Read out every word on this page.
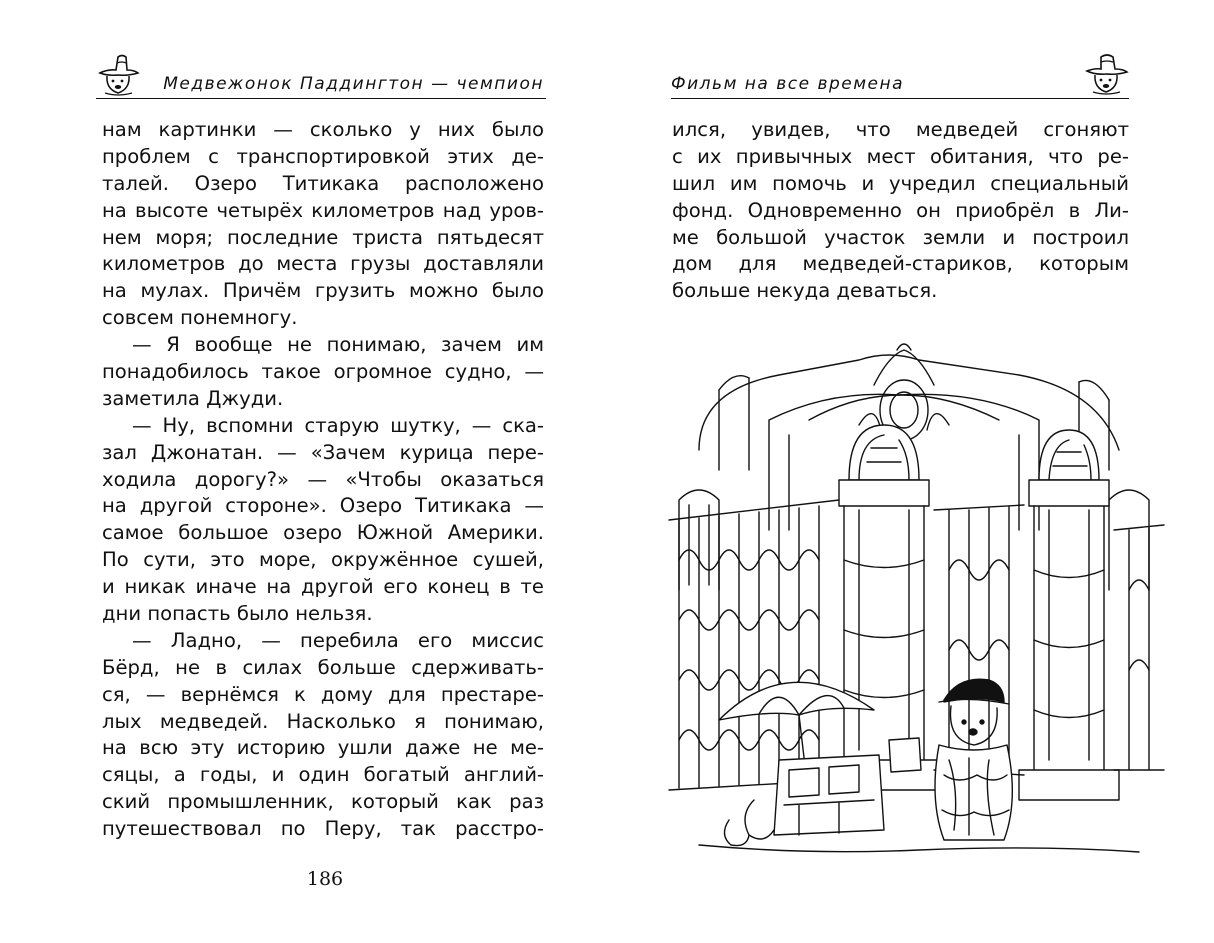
Медвежонок Паддингтон — чемпион
нам картинки — сколько у них было
проблем с транспортировкой этих де-
талей. Озеро Титикака расположено
на высоте четырёх километров над уров-
нем моря; последние триста пятьдесят
километров до места грузы доставляли
на мулах. Причём грузить можно было
совсем понемногу.
— Я вообще не понимаю, зачем им
понадобилось такое огромное судно, —
заметила Джуди.
— Ну, вспомни старую шутку, — ска-
зал Джонатан. — «Зачем курица пере-
ходила дорогу?» — «Чтобы оказаться
на другой стороне». Озеро Титикака —
самое большое озеро Южной Америки.
По сути, это море, окружённое сушей,
и никак иначе на другой его конец в те
дни попасть было нельзя.
— Ладно, — перебила его миссис
Бёрд, не в силах больше сдерживать-
ся, — вернёмся к дому для престаре-
лых медведей. Насколько я понимаю,
на всю эту историю ушли даже не ме-
сяцы, а годы, и один богатый англий-
ский промышленник, который как раз
путешествовал по Перу, так расстро-
186
Фильм на все времена
ился, увидев, что медведей сгоняют
с их привычных мест обитания, что ре-
шил им помочь и учредил специальный
фонд. Одновременно он приобрёл в Ли-
ме большой участок земли и построил
дом для медведей-стариков, которым
больше некуда деваться.
